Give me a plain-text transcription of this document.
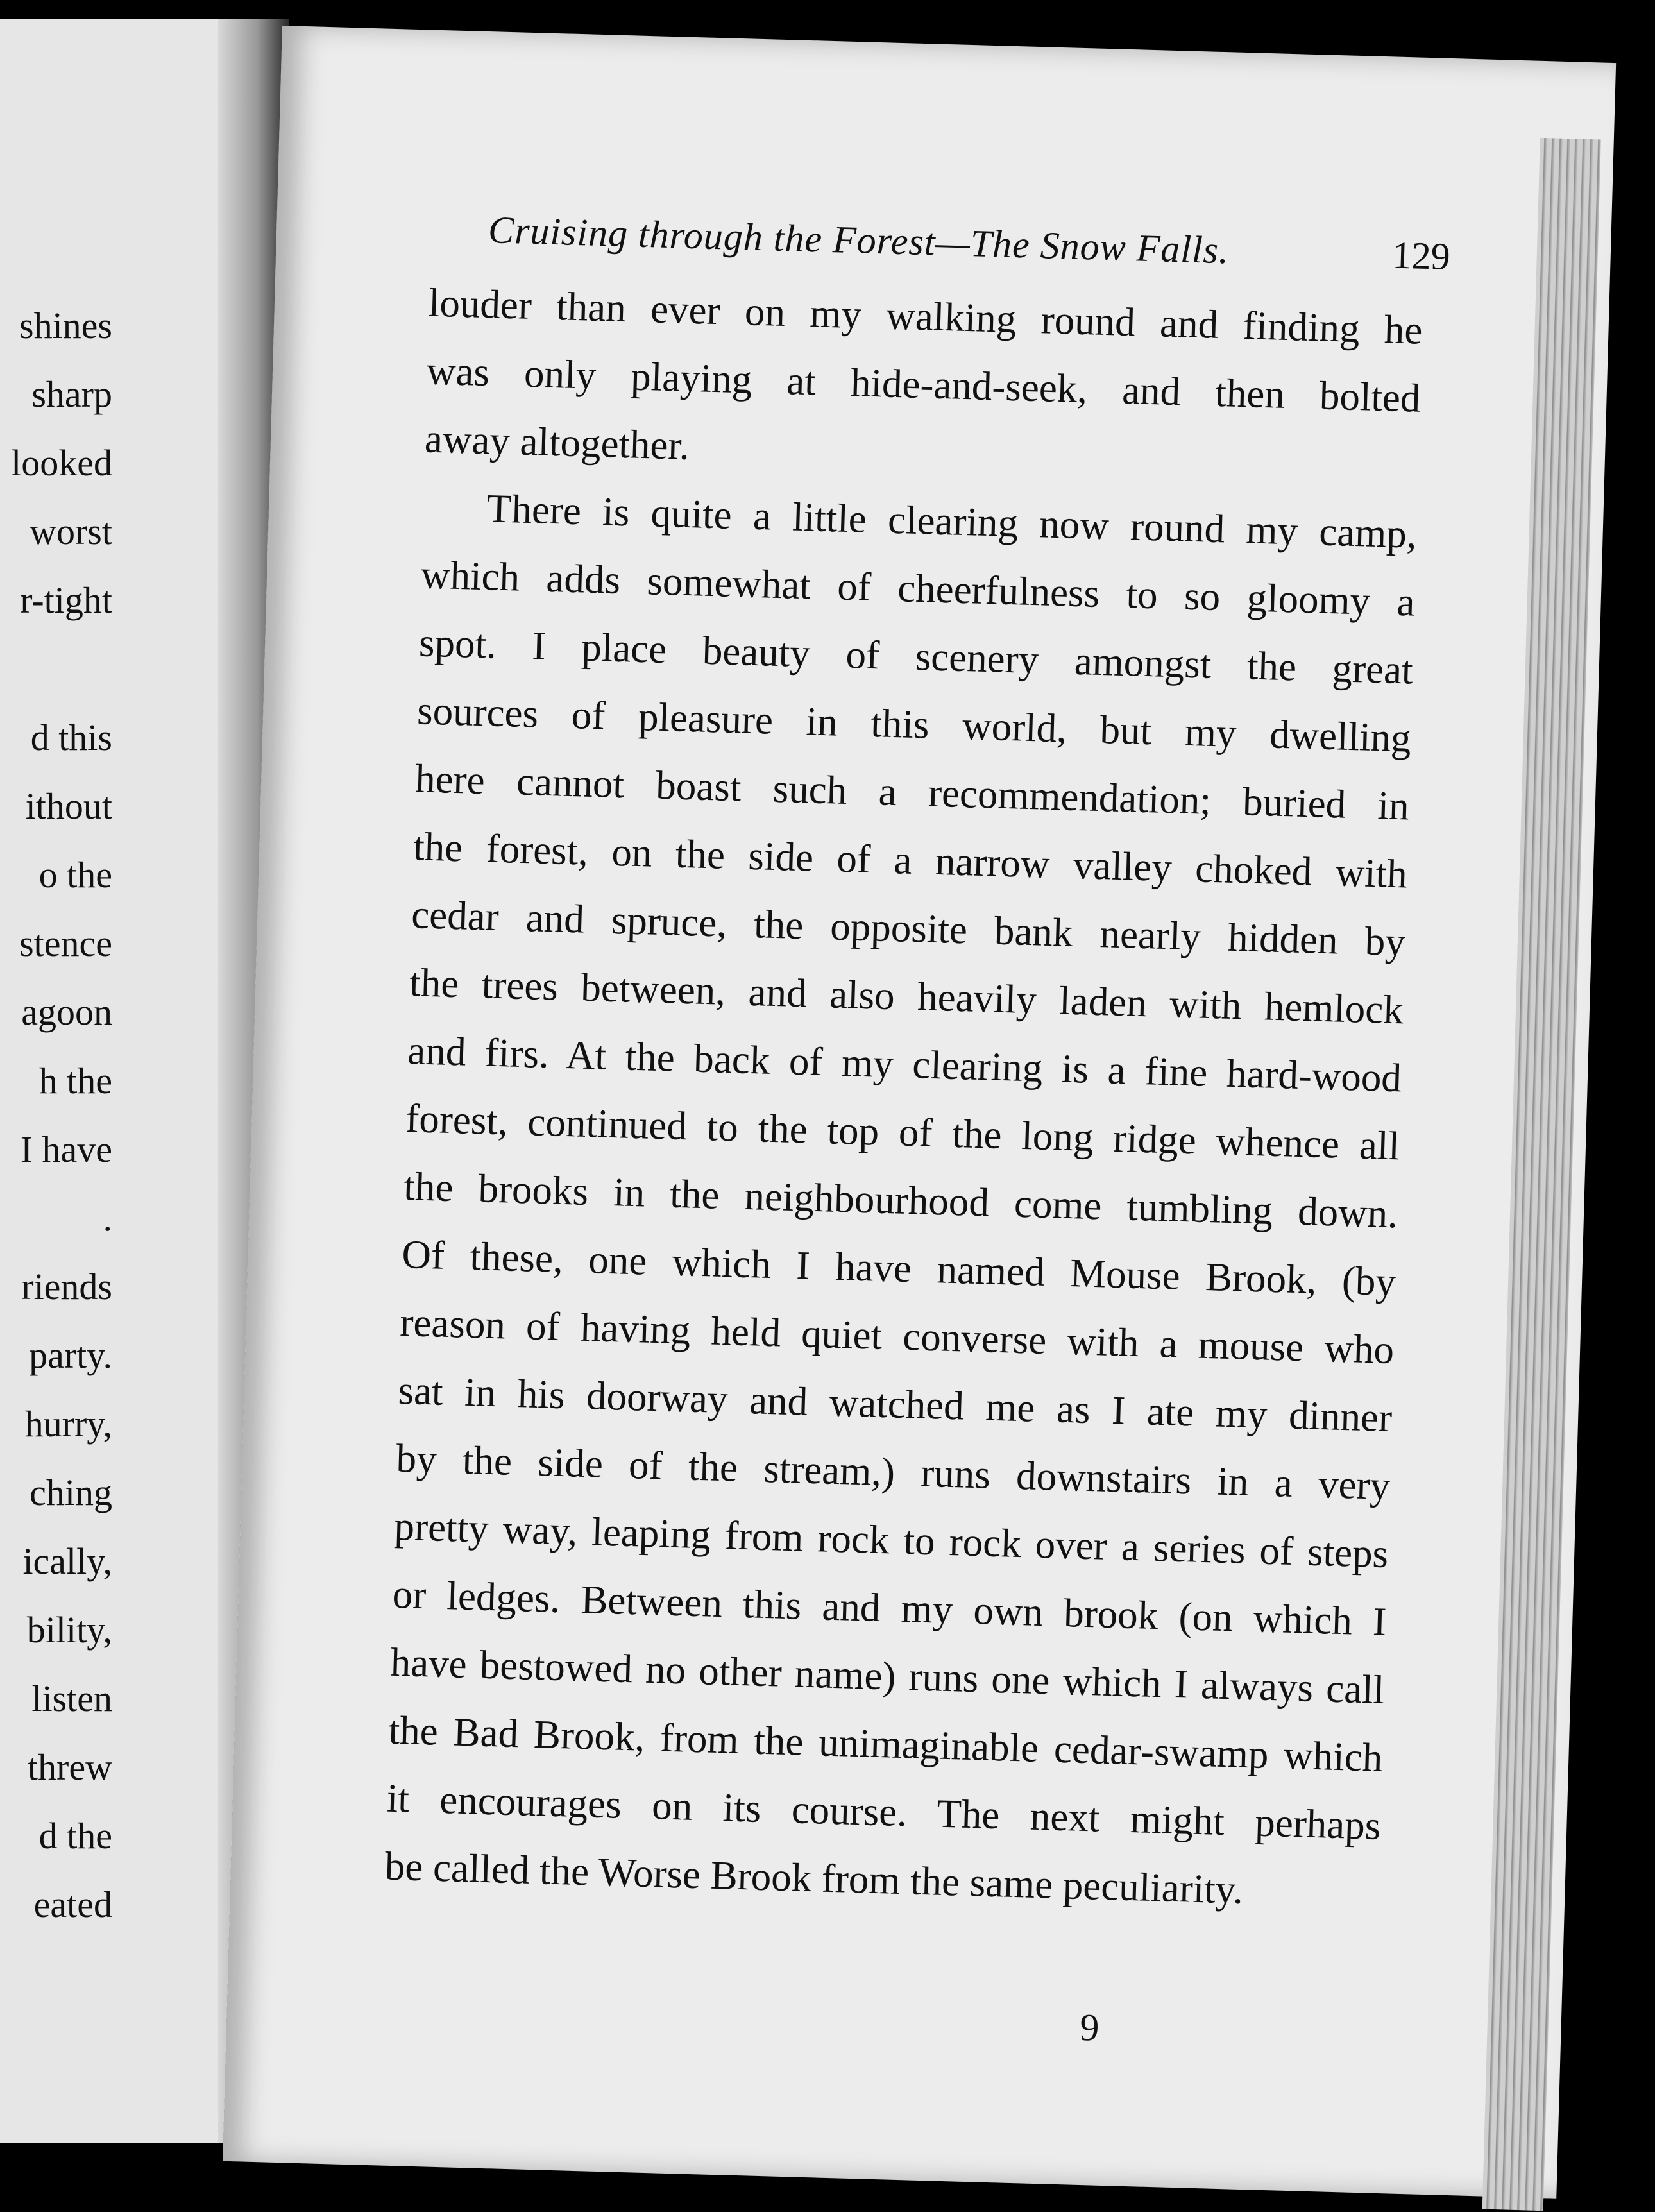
shines
sharp
looked
worst
r-tight
d this
ithout
o the
stence
agoon
h the
I have
.
riends
party.
hurry,
ching
ically,
bility,
listen
threw
d the
eated
Cruising through the Forest—The Snow Falls.	129
louder than ever on my walking round and finding he
was only playing at hide-and-seek, and then bolted
away altogether.
There is quite a little clearing now round my camp,
which adds somewhat of cheerfulness to so gloomy a
spot. I place beauty of scenery amongst the great
sources of pleasure in this world, but my dwelling
here cannot boast such a recommendation; buried in
the forest, on the side of a narrow valley choked with
cedar and spruce, the opposite bank nearly hidden by
the trees between, and also heavily laden with hemlock
and firs. At the back of my clearing is a fine hard-wood
forest, continued to the top of the long ridge whence all
the brooks in the neighbourhood come tumbling down.
Of these, one which I have named Mouse Brook, (by
reason of having held quiet converse with a mouse who
sat in his doorway and watched me as I ate my dinner
by the side of the stream,) runs downstairs in a very
pretty way, leaping from rock to rock over a series of steps
or ledges. Between this and my own brook (on which I
have bestowed no other name) runs one which I always call
the Bad Brook, from the unimaginable cedar-swamp which
it encourages on its course. The next might perhaps
be called the Worse Brook from the same peculiarity.
9
